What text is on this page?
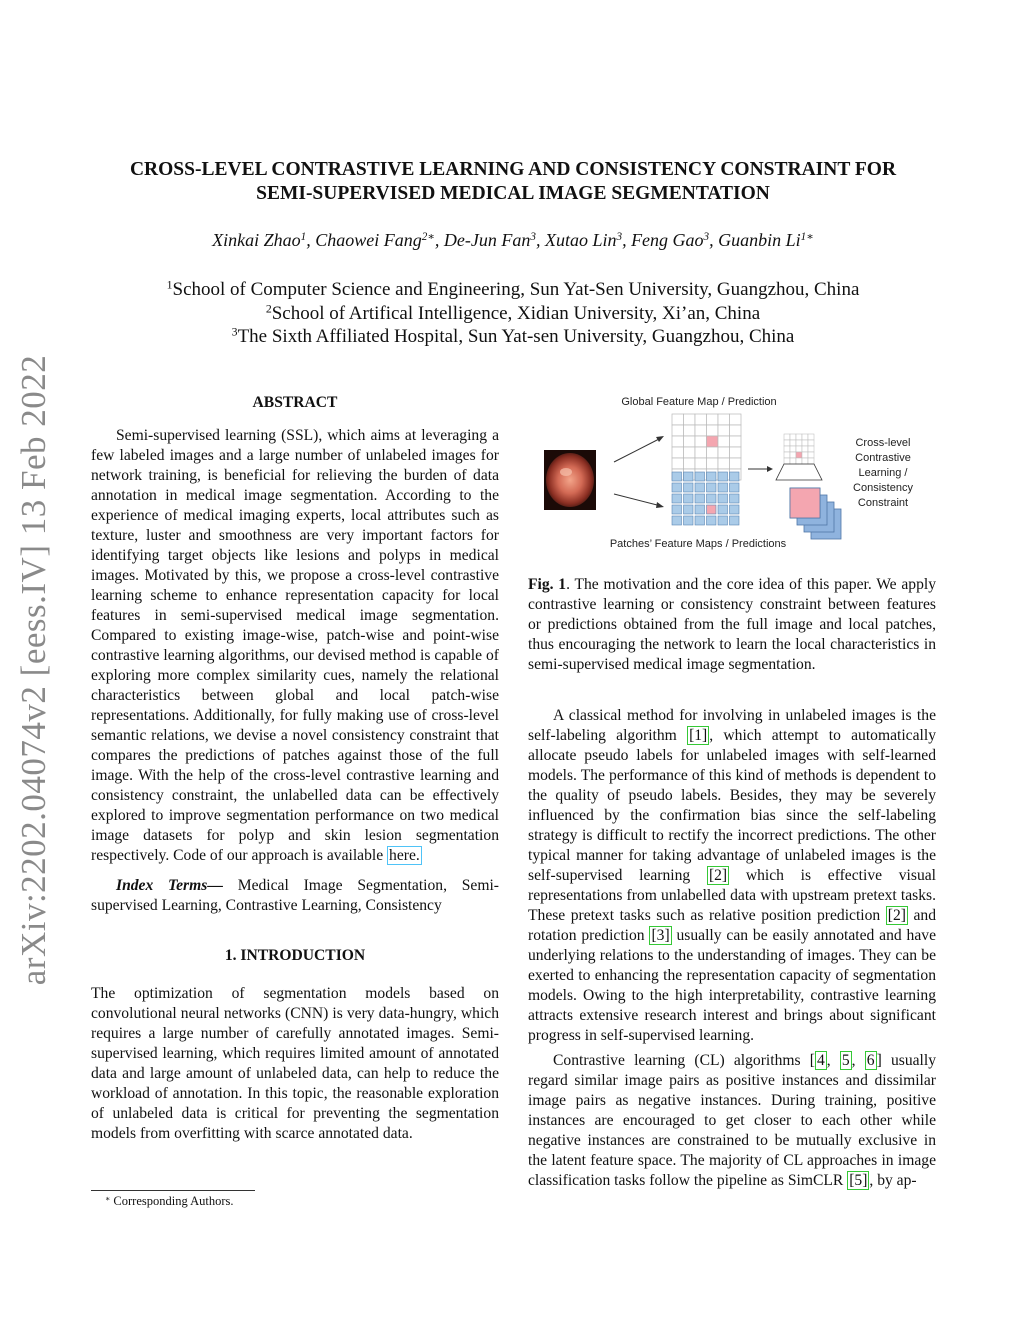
arXiv:2202.04074v2 [eess.IV] 13 Feb 2022
CROSS-LEVEL CONTRASTIVE LEARNING AND CONSISTENCY CONSTRAINT FOR
SEMI-SUPERVISED MEDICAL IMAGE SEGMENTATION
Xinkai Zhao$^1$, Chaowei Fang$^{2∗}$, De-Jun Fan$^3$, Xutao Lin$^3$, Feng Gao$^3$, Guanbin $Li^{1∗}$
$^1$School of Computer Science and Engineering, Sun Yat-Sen University, Guangzhou, China
$^2$School of Artifical Intelligence, Xidian University, Xi’an, China
$^3$The Sixth Affiliated Hospital, Sun Yat-sen University, Guangzhou, China

ABSTRACT

Semi-supervised learning (SSL), which aims at leveraging a few labeled images and a large number of unlabeled images for network training, is beneficial for relieving the burden of data annotation in medical image segmentation. According to the experience of medical imaging experts, local attributes such as texture, luster and smoothness are very important factors for identifying target objects like lesions and polyps in medical images. Motivated by this, we propose a cross-level contrastive learning scheme to enhance representation capacity for local features in semi-supervised medical image segmentation. Compared to existing image-wise, patch-wise and point-wise contrastive learning algorithms, our devised method is capable of exploring more complex similarity cues, namely the relational characteristics between global and local patch-wise representations. Additionally, for fully making use of cross-level semantic relations, we devise a novel consistency constraint that compares the predictions of patches against those of the full image. With the help of the cross-level contrastive learning and consistency constraint, the unlabelled data can be effectively explored to improve segmentation performance on two medical image datasets for polyp and skin lesion segmentation respectively. Code of our approach is available here.

Index Terms— Medical Image Segmentation, Semi-supervised Learning, Contrastive Learning, Consistency

1. INTRODUCTION

The optimization of segmentation models based on convolutional neural networks (CNN) is very data-hungry, which requires a large number of carefully annotated images. Semi-supervised learning, which requires limited amount of annotated data and large amount of unlabeled data, can help to reduce the workload of annotation. In this topic, the reasonable exploration of unlabeled data is critical for preventing the segmentation models from overfitting with scarce annotated data.

∗ Corresponding Authors.
Global Feature Map / Prediction
Patches’ Feature Maps / Predictions
Cross-level
Contrastive
Learning /
Consistency
Constraint

Fig. 1. The motivation and the core idea of this paper. We apply contrastive learning or consistency constraint between features or predictions obtained from the full image and local patches, thus encouraging the network to learn the local characteristics in semi-supervised medical image segmentation.

A classical method for involving in unlabeled images is the self-labeling algorithm [1] , which attempt to automatically allocate pseudo labels for unlabeled images with self-learned models. The performance of this kind of methods is dependent to the quality of pseudo labels. Besides, they may be severely influenced by the confirmation bias since the self-labeling strategy is difficult to rectify the incorrect predictions. The other typical manner for taking advantage of unlabeled images is the self-supervised learning [2] which is effective visual representations from unlabelled data with upstream pretext tasks. These pretext tasks such as relative position prediction [2] and rotation prediction [3] usually can be easily annotated and have underlying relations to the understanding of images. They can be exerted to enhancing the representation capacity of segmentation models. Owing to the high interpretability, contrastive learning attracts extensive research interest and brings about significant progress in self-supervised learning.

Contrastive learning (CL) algorithms [ 4 , 5 , 6 ] usually regard similar image pairs as positive instances and dissimilar image pairs as negative instances. During training, positive instances are encouraged to get closer to each other while negative instances are constrained to be mutually exclusive in the latent feature space. The majority of CL approaches in image classification tasks follow the pipeline as SimCLR [5] , by ap-
